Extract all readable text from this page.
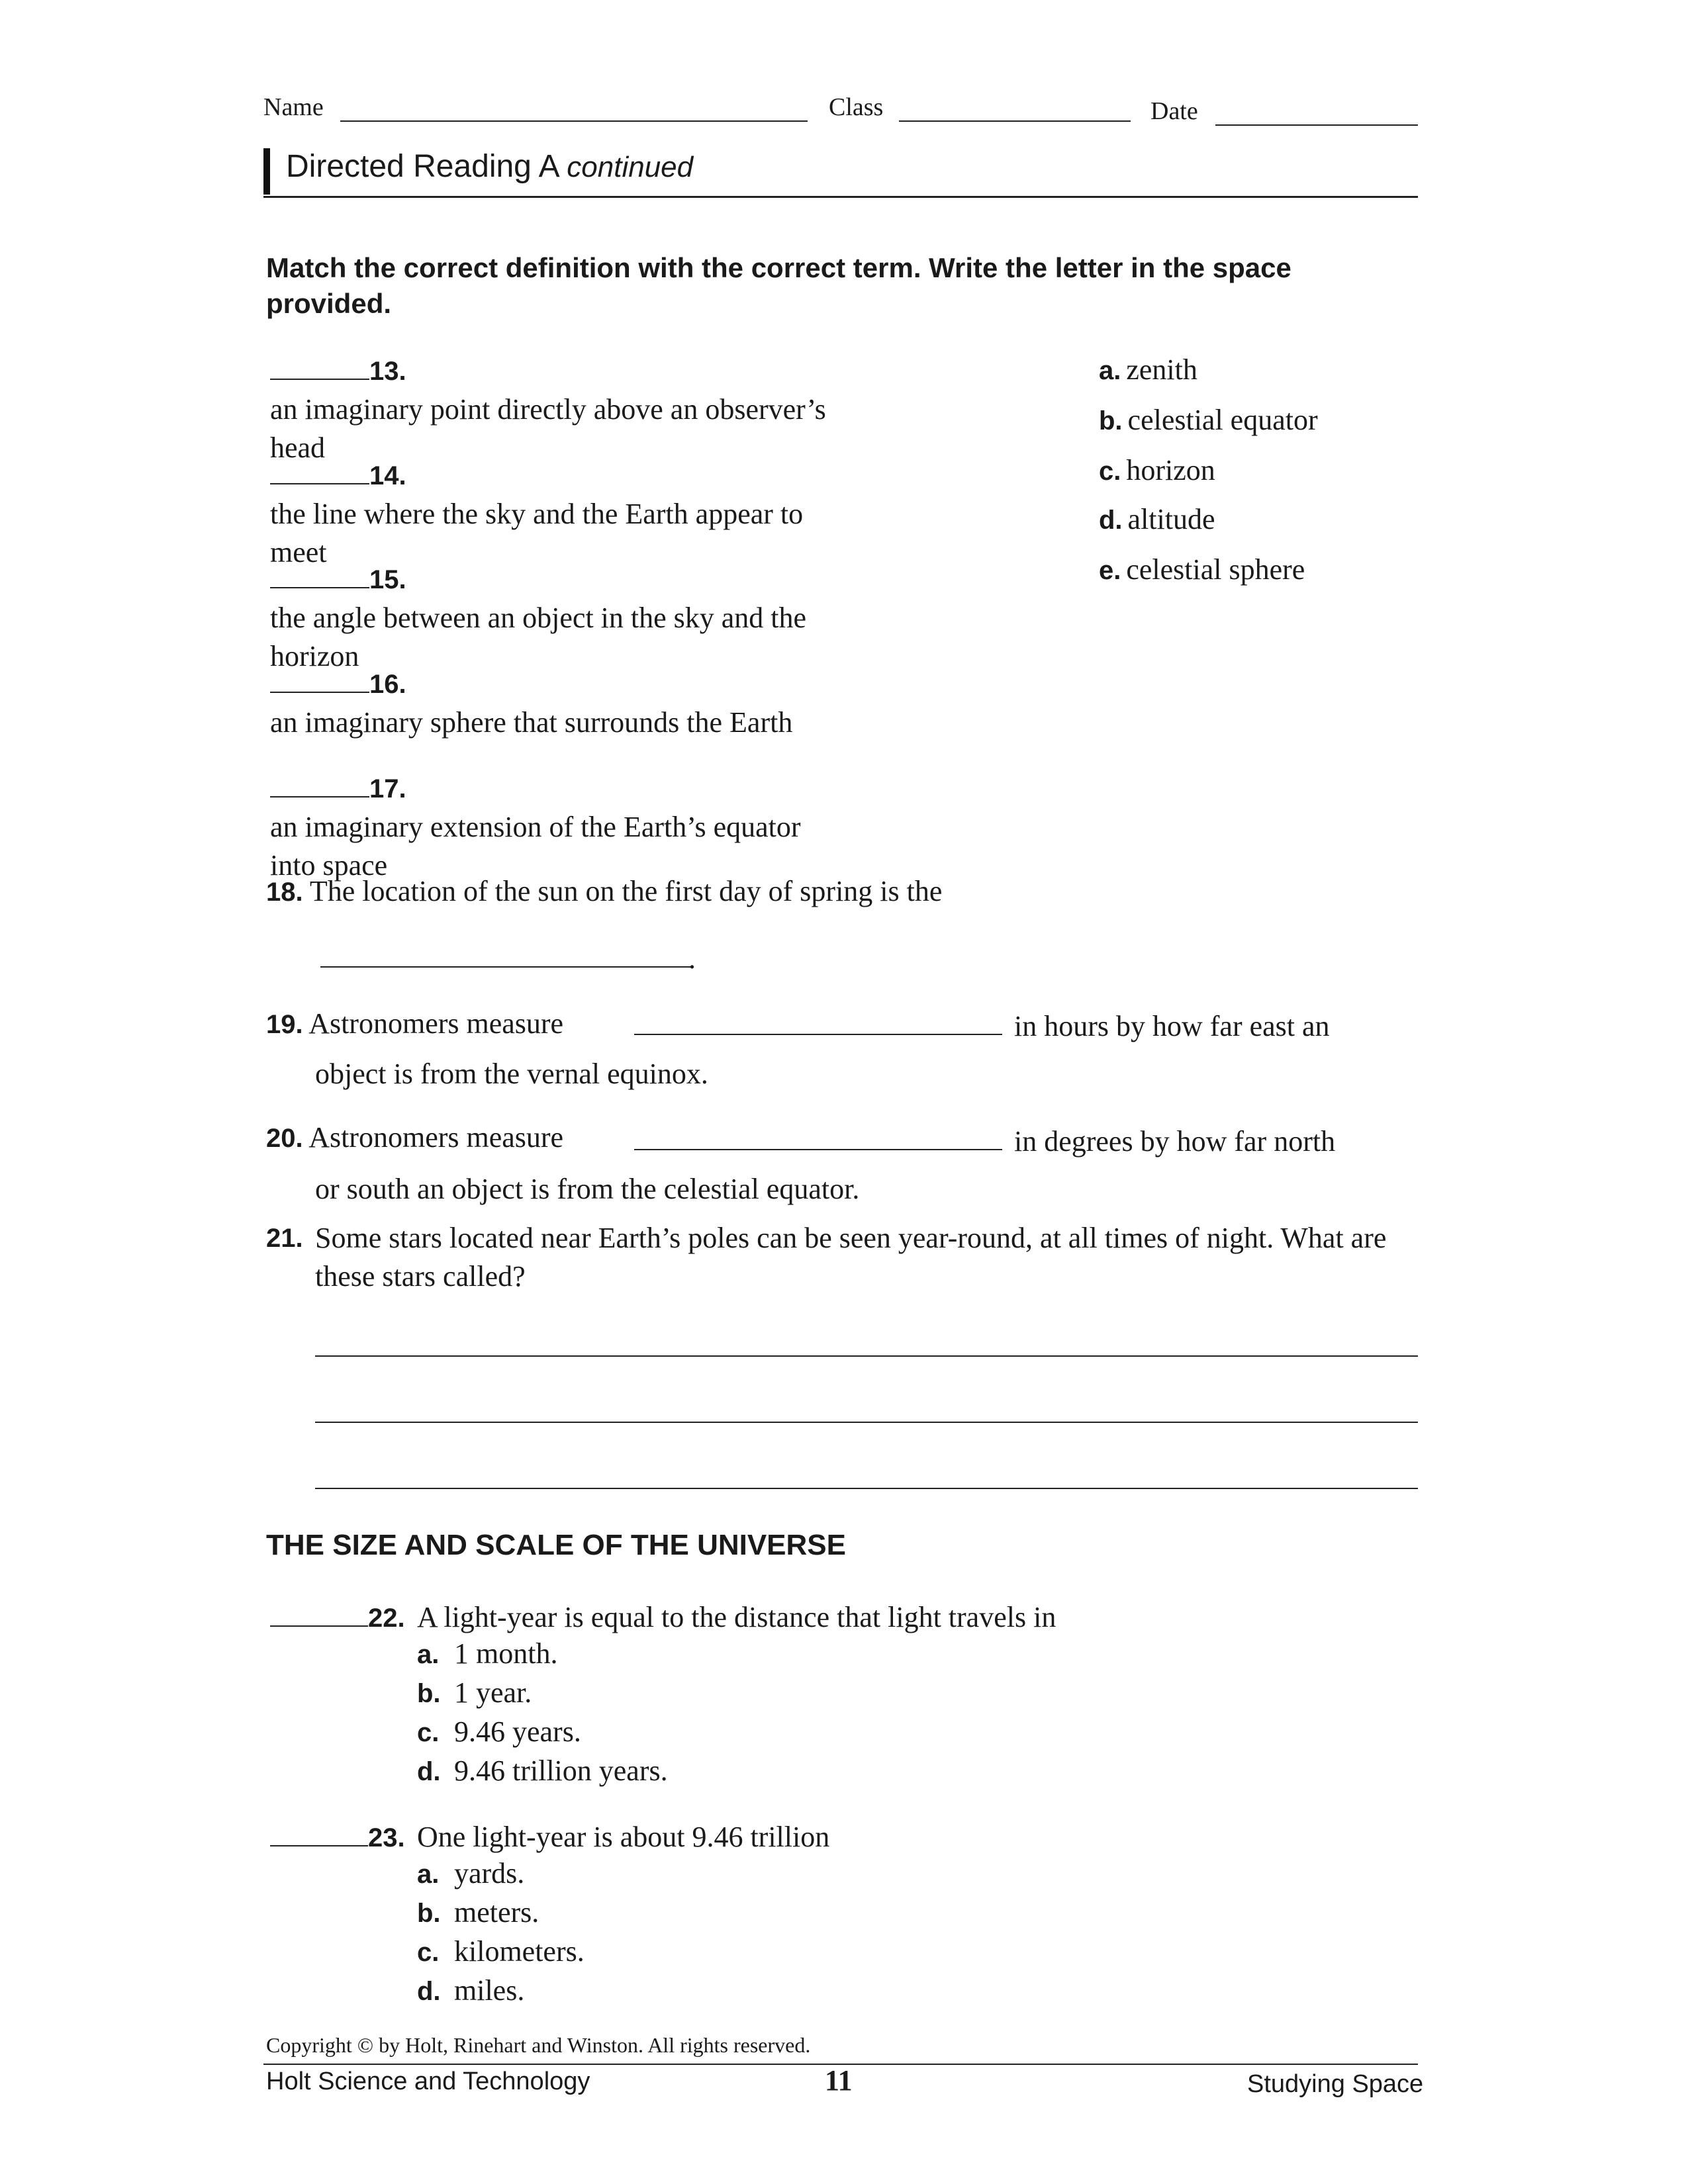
Name	Class	Date
Directed Reading A continued
Match the correct definition with the correct term. Write the letter in the space provided.
13.an imaginary point directly above an observer’s head
14.the line where the sky and the Earth appear to meet
15.the angle between an object in the sky and the horizon
16.an imaginary sphere that surrounds the Earth
17.an imaginary extension of the Earth’s equator into space
a. zenith
b. celestial equator
c. horizon
d. altitude
e. celestial sphere
18. The location of the sun on the first day of spring is the
.
19. Astronomers measure	in hours by how far east an
object is from the vernal equinox.
20. Astronomers measure	in degrees by how far north
or south an object is from the celestial equator.
21. Some stars located near Earth’s poles can be seen year-round, at all times of night. What are these stars called?
THE SIZE AND SCALE OF THE UNIVERSE
22. A light-year is equal to the distance that light travels in
a. 1 month.
b. 1 year.
c. 9.46 years.
d. 9.46 trillion years.
23. One light-year is about 9.46 trillion
a. yards.
b. meters.
c. kilometers.
d. miles.
Copyright © by Holt, Rinehart and Winston. All rights reserved.
Holt Science and Technology	11	Studying Space
